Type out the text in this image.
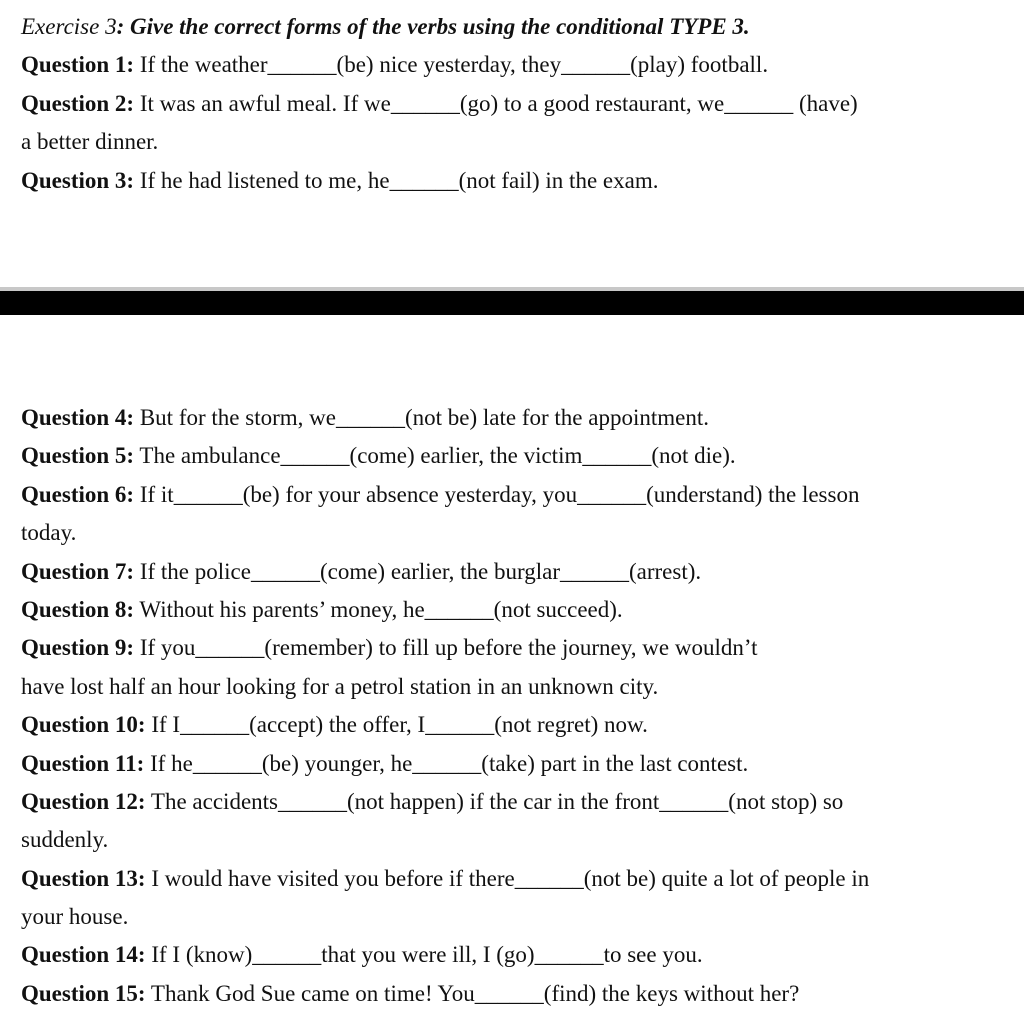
Exercise 3: Give the correct forms of the verbs using the conditional TYPE 3.
Question 1: If the weather______(be) nice yesterday, they______(play) football.
Question 2: It was an awful meal. If we______(go) to a good restaurant, we______ (have)
a better dinner.
Question 3: If he had listened to me, he______(not fail) in the exam.
Question 4: But for the storm, we______(not be) late for the appointment.
Question 5: The ambulance______(come) earlier, the victim______(not die).
Question 6: If it______(be) for your absence yesterday, you______(understand) the lesson
today.
Question 7: If the police______(come) earlier, the burglar______(arrest).
Question 8: Without his parents’ money, he______(not succeed).
Question 9: If you______(remember) to fill up before the journey, we wouldn’t
have lost half an hour looking for a petrol station in an unknown city.
Question 10: If I______(accept) the offer, I______(not regret) now.
Question 11: If he______(be) younger, he______(take) part in the last contest.
Question 12: The accidents______(not happen) if the car in the front______(not stop) so
suddenly.
Question 13: I would have visited you before if there______(not be) quite a lot of people in
your house.
Question 14: If I (know)______that you were ill, I (go)______to see you.
Question 15: Thank God Sue came on time! You______(find) the keys without her?
